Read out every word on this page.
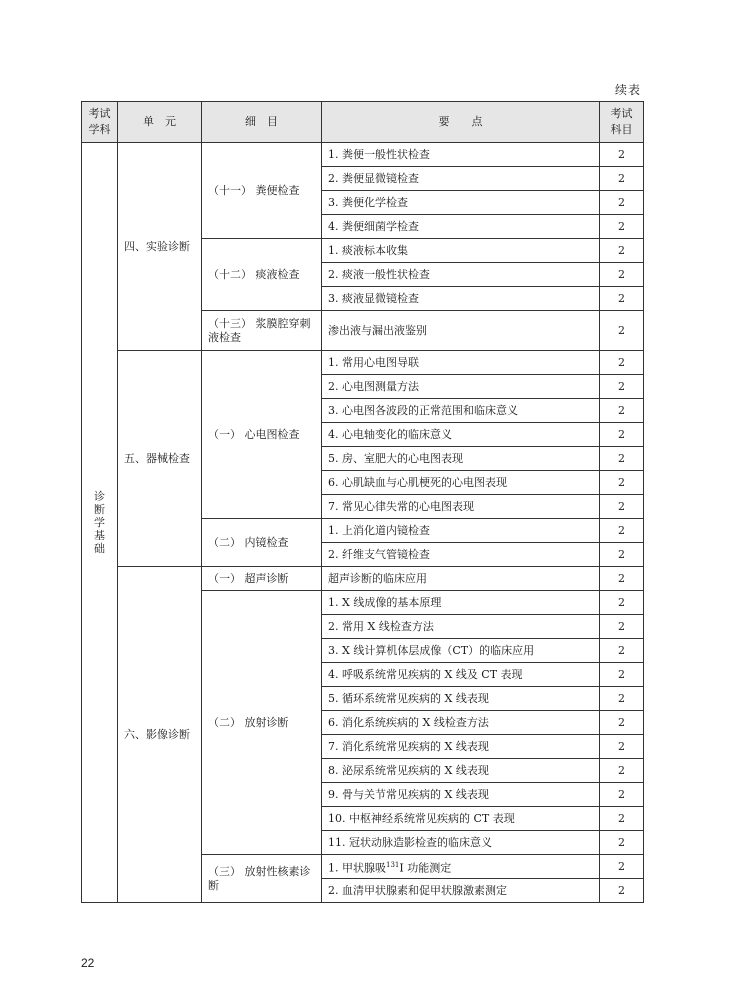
续表
考试学科	单　元	细　目	要　　点	考试科目
诊断学基础	四、实验诊断	（十一） 粪便检查	1. 粪便一般性状检查	2
			2. 粪便显微镜检查	2
			3. 粪便化学检查	2
			4. 粪便细菌学检查	2
		（十二） 痰液检查	1. 痰液标本收集	2
			2. 痰液一般性状检查	2
			3. 痰液显微镜检查	2
		（十三） 浆膜腔穿刺液检查	渗出液与漏出液鉴别	2
	五、器械检查	（一） 心电图检查	1. 常用心电图导联	2
			2. 心电图测量方法	2
			3. 心电图各波段的正常范围和临床意义	2
			4. 心电轴变化的临床意义	2
			5. 房、室肥大的心电图表现	2
			6. 心肌缺血与心肌梗死的心电图表现	2
			7. 常见心律失常的心电图表现	2
		（二） 内镜检查	1. 上消化道内镜检查	2
			2. 纤维支气管镜检查	2
	六、影像诊断	（一） 超声诊断	超声诊断的临床应用	2
		（二） 放射诊断	1. X 线成像的基本原理	2
			2. 常用 X 线检查方法	2
			3. X 线计算机体层成像（CT）的临床应用	2
			4. 呼吸系统常见疾病的 X 线及 CT 表现	2
			5. 循环系统常见疾病的 X 线表现	2
			6. 消化系统疾病的 X 线检查方法	2
			7. 消化系统常见疾病的 X 线表现	2
			8. 泌尿系统常见疾病的 X 线表现	2
			9. 骨与关节常见疾病的 X 线表现	2
			10. 中枢神经系统常见疾病的 CT 表现	2
			11. 冠状动脉造影检查的临床意义	2
		（三） 放射性核素诊断	1. 甲状腺吸$^{131}$I 功能测定	2
			2. 血清甲状腺素和促甲状腺激素测定	2
22
